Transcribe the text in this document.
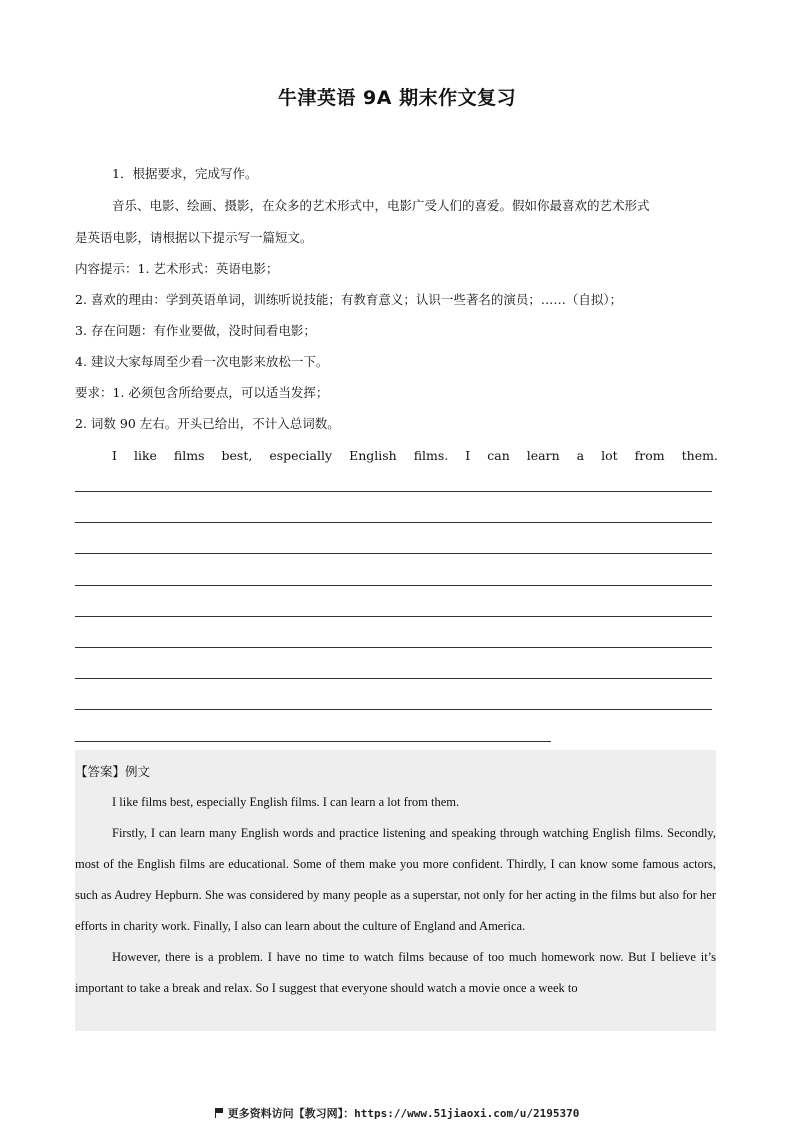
牛津英语 9A 期末作文复习
1．根据要求，完成写作。
音乐、电影、绘画、摄影，在众多的艺术形式中，电影广受人们的喜爱。假如你最喜欢的艺术形式
是英语电影，请根据以下提示写一篇短文。
内容提示：1. 艺术形式：英语电影；
2. 喜欢的理由：学到英语单词，训练听说技能；有教育意义；认识一些著名的演员；……（自拟）；
3. 存在问题：有作业要做，没时间看电影；
4. 建议大家每周至少看一次电影来放松一下。
要求：1. 必须包含所给要点，可以适当发挥；
2. 词数 90 左右。开头已给出，不计入总词数。
I like films best, especially English films. I can learn a lot from them.

【答案】例文

I like films best, especially English films. I can learn a lot from them.

Firstly, I can learn many English words and practice listening and speaking through watching English films. Secondly, most of the English films are educational. Some of them make you more confident. Thirdly, I can know some famous actors, such as Audrey Hepburn. She was considered by many people as a superstar, not only for her acting in the films but also for her efforts in charity work. Finally, I also can learn about the culture of England and America.

However, there is a problem. I have no time to watch films because of too much homework now. But I believe it’s important to take a break and relax. So I suggest that everyone should watch a movie once a week to

更多资料访问【教习网】：https://www.51jiaoxi.com/u/2195370
